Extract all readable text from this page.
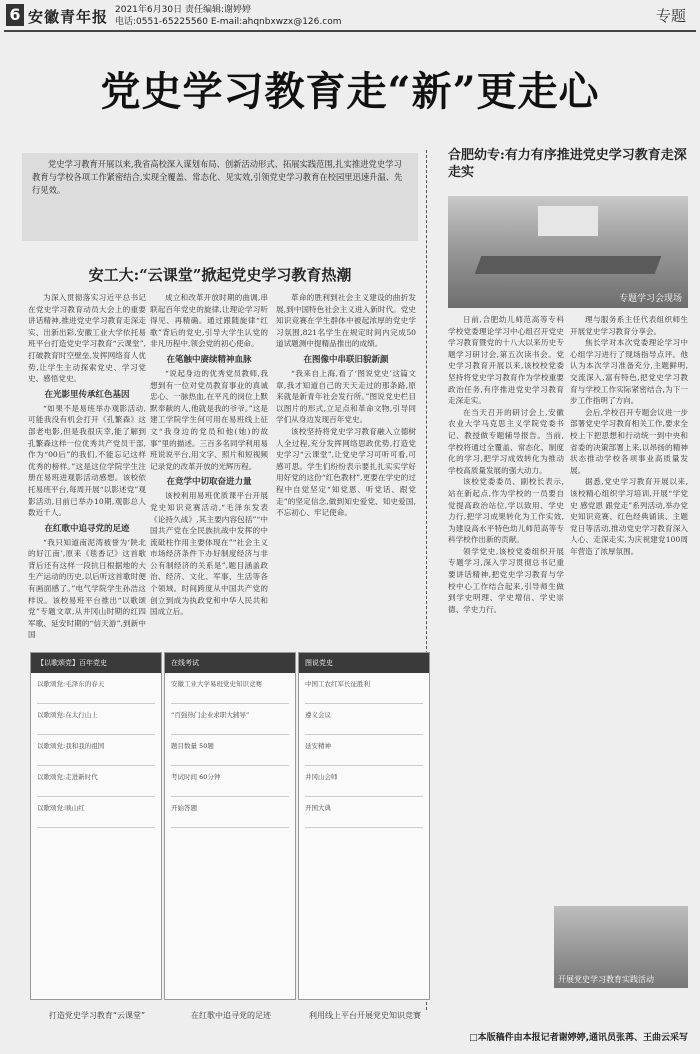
6 安徽青年报 2021年6月30日 责任编辑:谢婷婷
电话:0551-65225560 E-mail:ahqnbxwzx@126.com	专题
党史学习教育走“新”更走心
党史学习教育开展以来,我省高校深入谋划布局、创新活动形式、拓展实践范围,扎实推进党史学习教育与学校各项工作紧密结合,实现全覆盖、常态化、见实效,引领党史学习教育在校园里迅速升温、先行见效。
安工大:“云课堂”掀起党史学习教育热潮
合肥幼专:有力有序推进党史学习教育走深走实

为深入贯彻落实习近平总书记在党史学习教育动员大会上的重要讲话精神,推进党史学习教育走深走实、出新出彩,安徽工业大学依托易班平台打造党史学习教育“云课堂”,打破教育时空壁垒,发挥网络育人优势,让学生主动探索党史、学习党史、感悟党史。

在光影里传承红色基因

“如果不是易班举办观影活动,可能我没有机会打开《孔繁森》这部老电影,但是我很庆幸,能了解到孔繁森这样一位优秀共产党员干部,作为“00后”的我们,不能忘记这样优秀的榜样。”这是这位学院学生注册在易班进观影活动感想。该校依托易班平台,每周开展“以影述党”观影活动,目前已举办10期,观影总人数近千人。

在红歌中追寻党的足迹

“我只知道南泥湾被誉为‘陕北的好江南’,原来《毯香记》这首歌背后还有这样一段抗日根据地的大生产运动的历史,以后听这首歌时便有画面感了。”电气学院学生孙浩这样说。该校易班平台推出“以歌颂党”专题文章,从井冈山时期的红四军歌、延安时期的“信天游”,到新中国

成立和改革开放时期的曲调,串联起百年党史的旋律,让理论学习听得见、再精确。通过跟随旋律“红歌”背后的党史,引导大学生认党的非凡历程中,领会党的初心使命。

在笔触中赓续精神血脉

“说起身边的优秀党员教师,我想到有一位对党员教育事业的真诚忠心、一脉热血,在平凡的岗位上默默奉献的人,他就是我的爷爷。”这是建工学院学生何可用在易班线上征文“我身边的党员和他(她)的故事”里的描述。三百多名同学利用易班说说平台,用文字、照片和短视频记录党的改革开放的光辉历程。

在竞学中切取奋进力量

该校利用易班优质课平台开展党史知识竞赛活动,“毛泽东发表《论持久战》,其主要内容包括”“中国共产党在全民族抗战中发挥的中流砥柱作用主要体现在”“社会主义市场经济条件下办好制度经济与非公有制经济的关系是”,题目涵盖政治、经济、文化、军事、生活等各个领域。时间跨度从中国共产党的创立到成为执政党和中华人民共和国成立后。

革命的胜利到社会主义建设的曲折发展,到中国特色社会主义进入新时代。党史知识竞赛在学生群体中被起浓厚的党史学习氛围,821名学生在规定时间内完成50道试题测中提精品推出的成绩。

在图像中串联旧貌新颜

“我来自上海,看了‘图说党史’这篇文章,我才知道自己的天天走过的那条路,原来就是新青年社会发行所。”图说党史栏目以图片的形式,立足点和革命文物,引导同学们从身边发现百年党史。

该校坚持将党史学习教育融入立德树人全过程,充分发挥网络思政优势,打造党史学习“云课堂”,让党史学习可听可看,可感可思。学生们纷纷表示要扎扎实实学好用好党的这份“红色教材”,更要在学史的过程中自觉坚定“知党恩、听党话、跟党走”的坚定信念,做到知史爱党、知史爱国,不忘初心、牢记使命。

专题学习会现场

日前,合肥幼儿师范高等专科学校党委理论学习中心组召开党史学习教育暨党的十八大以来历史专题学习研讨会,第五次读书会。党史学习教育开展以来,该校校党委坚持将党史学习教育作为学校重要政治任务,有序推进党史学习教育走深走实。

在当天召开的研讨会上,安徽农业大学马克思主义学院党委书记、教授做专题辅导报告。当前,学校将通过全覆盖、常态化、制度化的学习,把学习成效转化为推动学校高质量发展的强大动力。

该校党委委员、副校长表示,站在新起点,作为学校的一员要自觉提高政治站位,学以致用、学史力行,把学习成果转化为工作实效,为建设高水平特色幼儿师范高等专科学校作出新的贡献。

领学党史,该校党委组织开展专题学习,深入学习贯彻总书记重要讲话精神,把党史学习教育与学校中心工作结合起来,引导师生做到学史明理、学史增信、学史崇德、学史力行。

理与服务系主任代表组织师生开展党史学习教育分享会。

焦长学对本次党委理论学习中心组学习进行了现场指导点评。他认为本次学习准备充分,主题鲜明,交流深入,富有特色,把党史学习教育与学校工作实际紧密结合,为下一步工作指明了方向。

会后,学校召开专题会议进一步部署党史学习教育相关工作,要求全校上下把思想和行动统一到中央和省委的决策部署上来,以昂扬的精神状态推动学校各项事业高质量发展。

据悉,党史学习教育开展以来,该校精心组织学习培训,开展“学党史 感党恩 跟党走”系列活动,举办党史知识竞赛、红色经典诵读、主题党日等活动,推动党史学习教育深入人心、走深走实,为庆祝建党100周年营造了浓厚氛围。

开展党史学习教育实践活动
【以歌颂党】百年党史
以歌颂党:毛泽东的春天
以歌颂党:在太行山上
以歌颂党:我和我的祖国
以歌颂党:走进新时代
以歌颂党:映山红
在线考试
安徽工业大学易班党史知识竞赛
“百强热门企业求职大辅导”
题目数量 50题
考试时间 60分钟
开始答题
图说党史
中国工农红军长征胜利
遵义会议
延安精神
井冈山会师
开国大典
打造党史学习教育“云课堂”	在红歌中追寻党的足迹	利用线上平台开展党史知识竞赛
□本版稿件由本报记者谢婷婷,通讯员张苒、王曲云采写
